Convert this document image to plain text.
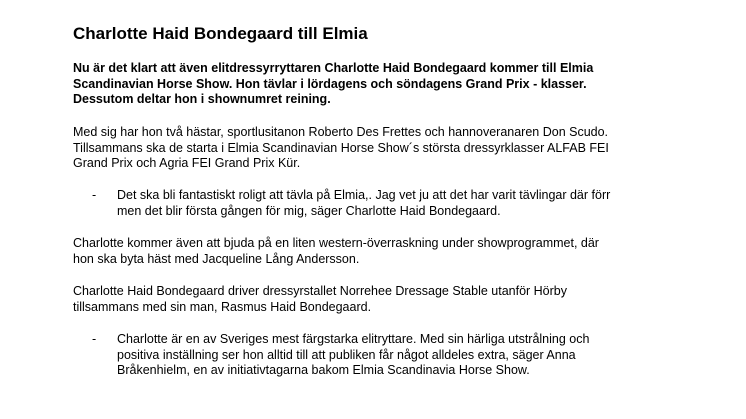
Charlotte Haid Bondegaard till Elmia

Nu är det klart att även elitdressyrryttaren Charlotte Haid Bondegaard kommer till Elmia
Scandinavian Horse Show. Hon tävlar i lördagens och söndagens Grand Prix - klasser.
Dessutom deltar hon i shownumret reining.

Med sig har hon två hästar, sportlusitanon Roberto Des Frettes och hannoveranaren Don Scudo.
Tillsammans ska de starta i Elmia Scandinavian Horse Show´s största dressyrklasser ALFAB FEI
Grand Prix och Agria FEI Grand Prix Kür.

- Det ska bli fantastiskt roligt att tävla på Elmia,. Jag vet ju att det har varit tävlingar där förr
men det blir första gången för mig, säger Charlotte Haid Bondegaard.

Charlotte kommer även att bjuda på en liten western-överraskning under showprogrammet, där
hon ska byta häst med Jacqueline Lång Andersson.

Charlotte Haid Bondegaard driver dressyrstallet Norrehee Dressage Stable utanför Hörby
tillsammans med sin man, Rasmus Haid Bondegaard.

- Charlotte är en av Sveriges mest färgstarka elitryttare. Med sin härliga utstrålning och
positiva inställning ser hon alltid till att publiken får något alldeles extra, säger Anna
Bråkenhielm, en av initiativtagarna bakom Elmia Scandinavia Horse Show.
